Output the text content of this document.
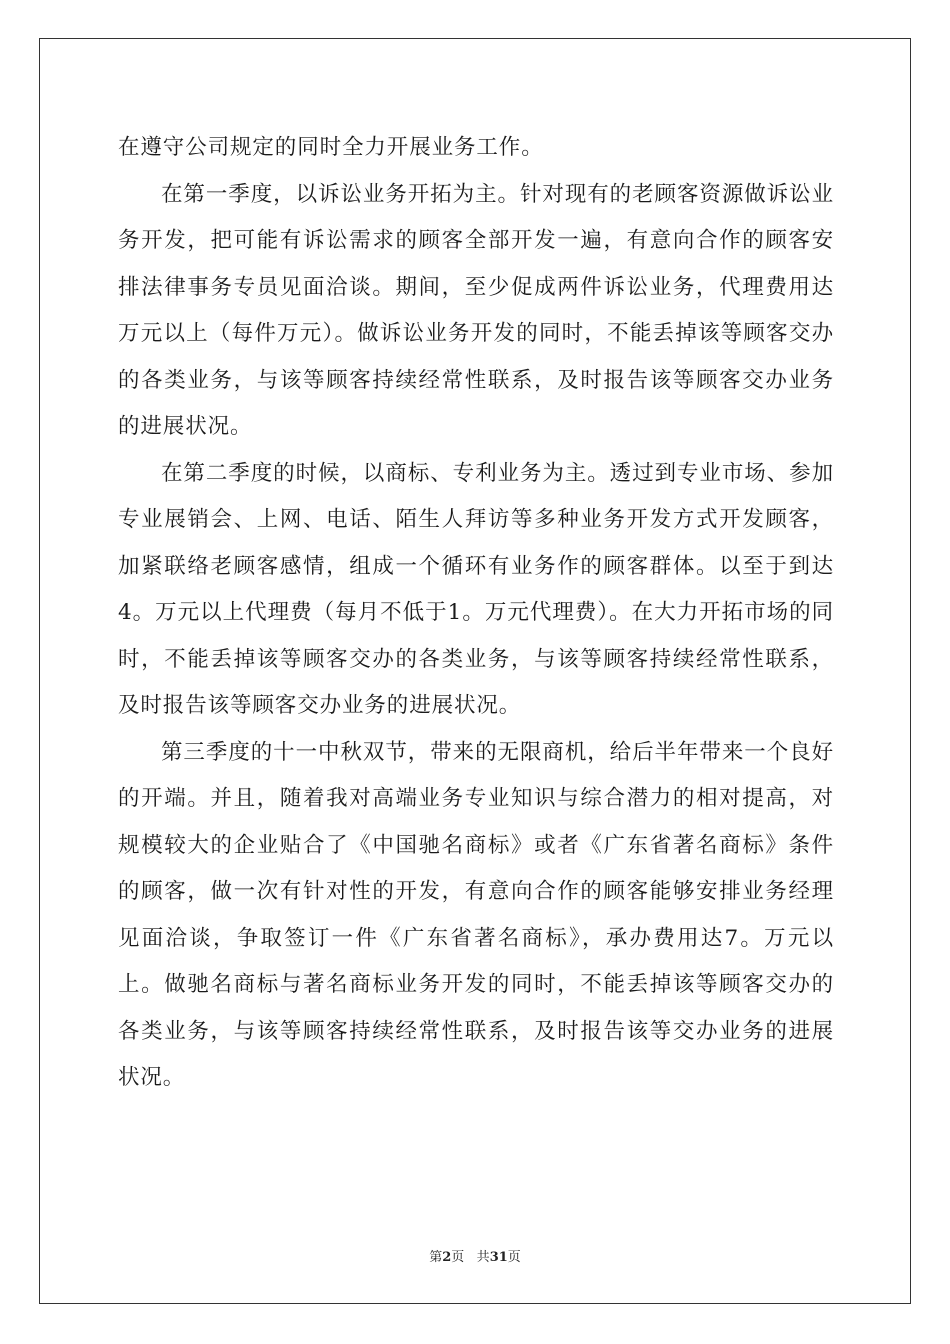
在遵守公司规定的同时全力开展业务工作。

在第一季度，以诉讼业务开拓为主。针对现有的老顾客资源做诉讼业务开发，把可能有诉讼需求的顾客全部开发一遍，有意向合作的顾客安排法律事务专员见面洽谈。期间，至少促成两件诉讼业务，代理费用达万元以上（每件万元）。做诉讼业务开发的同时，不能丢掉该等顾客交办的各类业务，与该等顾客持续经常性联系，及时报告该等顾客交办业务的进展状况。

在第二季度的时候，以商标、专利业务为主。透过到专业市场、参加专业展销会、上网、电话、陌生人拜访等多种业务开发方式开发顾客，加紧联络老顾客感情，组成一个循环有业务作的顾客群体。以至于到达4。万元以上代理费（每月不低于1。万元代理费）。在大力开拓市场的同时，不能丢掉该等顾客交办的各类业务，与该等顾客持续经常性联系，及时报告该等顾客交办业务的进展状况。

第三季度的十一中秋双节，带来的无限商机，给后半年带来一个良好的开端。并且，随着我对高端业务专业知识与综合潜力的相对提高，对规模较大的企业贴合了《中国驰名商标》或者《广东省著名商标》条件的顾客，做一次有针对性的开发，有意向合作的顾客能够安排业务经理见面洽谈，争取签订一件《广东省著名商标》，承办费用达7。万元以上。做驰名商标与著名商标业务开发的同时，不能丢掉该等顾客交办的各类业务，与该等顾客持续经常性联系，及时报告该等交办业务的进展状况。

第2页 共31页
